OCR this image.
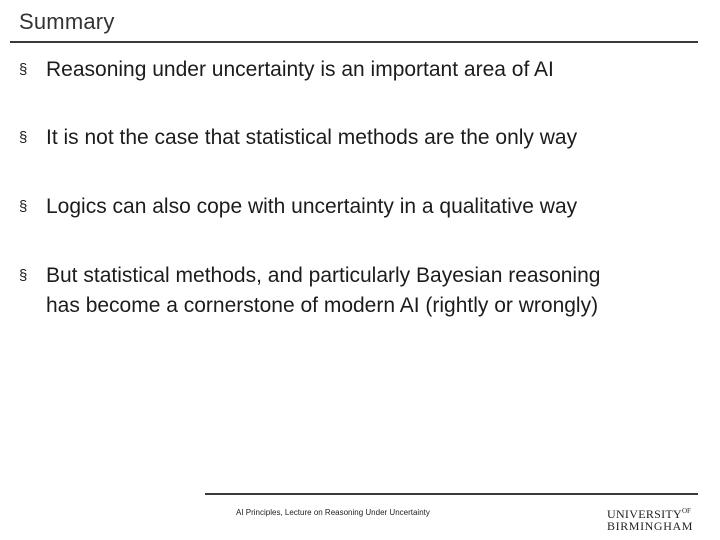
Summary
§ Reasoning under uncertainty is an important area of AI
§ It is not the case that statistical methods are the only way
§ Logics can also cope with uncertainty in a qualitative way
§ But statistical methods, and particularly Bayesian reasoning
has become a cornerstone of modern AI (rightly or wrongly)
AI Principles, Lecture on Reasoning Under Uncertainty	$UNIVERSITY^{OF}$
BIRMINGHAM
